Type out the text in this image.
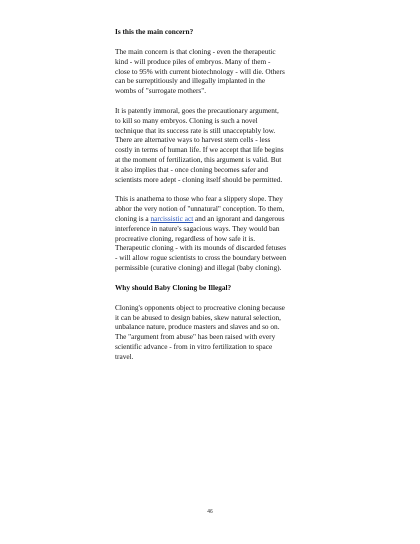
Is this the main concern?
The main concern is that cloning - even the therapeutic
kind - will produce piles of embryos. Many of them -
close to 95% with current biotechnology - will die. Others
can be surreptitiously and illegally implanted in the
wombs of "surrogate mothers".
It is patently immoral, goes the precautionary argument,
to kill so many embryos. Cloning is such a novel
technique that its success rate is still unacceptably low.
There are alternative ways to harvest stem cells - less
costly in terms of human life. If we accept that life begins
at the moment of fertilization, this argument is valid. But
it also implies that - once cloning becomes safer and
scientists more adept - cloning itself should be permitted.
This is anathema to those who fear a slippery slope. They
abhor the very notion of "unnatural" conception. To them,
cloning is a narcissistic act and an ignorant and dangerous
interference in nature's sagacious ways. They would ban
procreative cloning, regardless of how safe it is.
Therapeutic cloning - with its mounds of discarded fetuses
- will allow rogue scientists to cross the boundary between
permissible (curative cloning) and illegal (baby cloning).
Why should Baby Cloning be Illegal?
Cloning's opponents object to procreative cloning because
it can be abused to design babies, skew natural selection,
unbalance nature, produce masters and slaves and so on.
The "argument from abuse" has been raised with every
scientific advance - from in vitro fertilization to space
travel.
46
